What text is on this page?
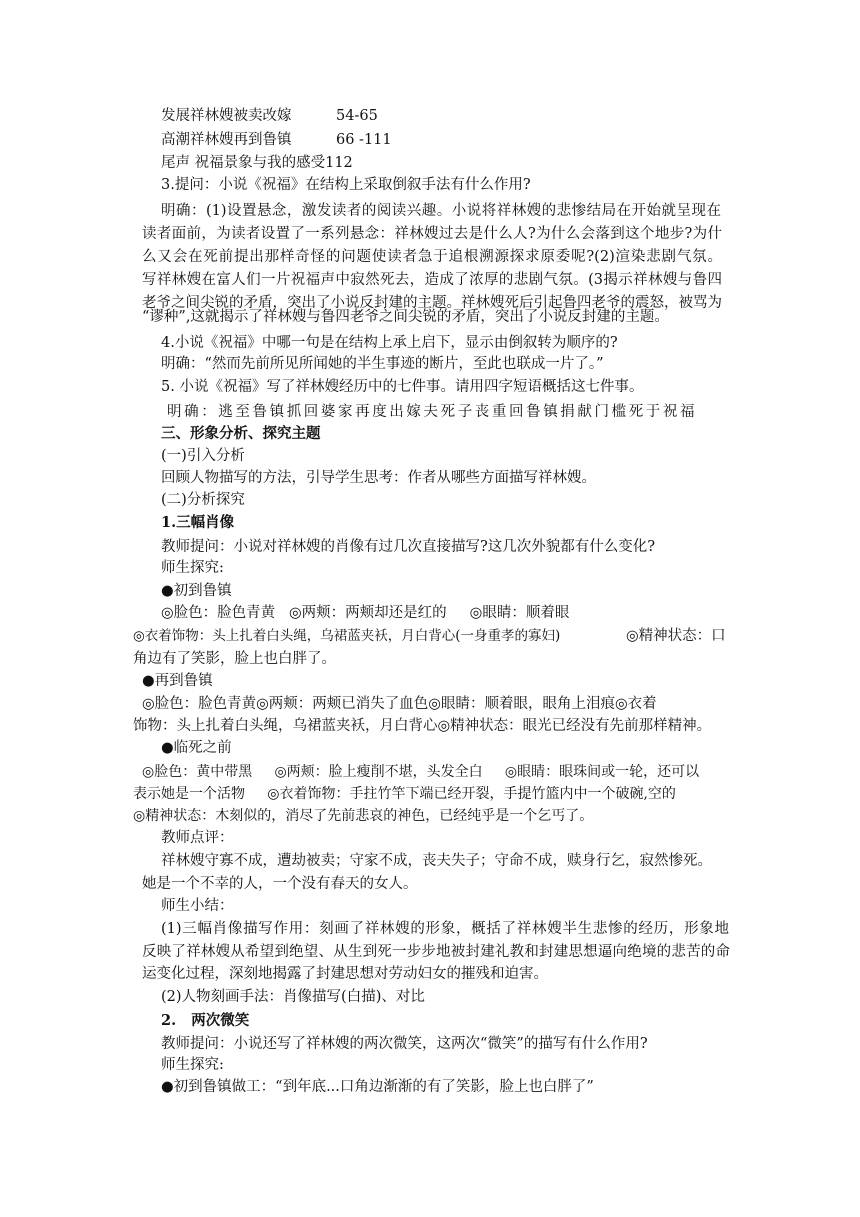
发展祥林嫂被卖改嫁	54-65
高潮祥林嫂再到鲁镇	66 -111
尾声 祝福景象与我的感受112
3.提问：小说《祝福》在结构上采取倒叙手法有什么作用?
明确：(1)设置悬念，激发读者的阅读兴趣。小说将祥林嫂的悲惨结局在开始就呈现在
读者面前，为读者设置了一系列悬念：祥林嫂过去是什么人?为什么会落到这个地步?为什
么又会在死前提出那样奇怪的问题使读者急于追根溯源探求原委呢?(2)渲染悲剧气氛。
写祥林嫂在富人们一片祝福声中寂然死去，造成了浓厚的悲剧气氛。(3揭示祥林嫂与鲁四
老爷之间尖锐的矛盾，突出了小说反封建的主题。祥林嫂死后引起鲁四老爷的震怒，被骂为
“谬种”,这就揭示了祥林嫂与鲁四老爷之间尖锐的矛盾，突出了小说反封建的主题。
4.小说《祝福》中哪一句是在结构上承上启下，显示由倒叙转为顺序的?
明确：“然而先前所见所闻她的半生事迹的断片，至此也联成一片了。”
5. 小说《祝福》写了祥林嫂经历中的七件事。请用四字短语概括这七件事。
明确：逃至鲁镇抓回婆家再度出嫁夫死子丧重回鲁镇捐献门槛死于祝福
三、形象分析、探究主题
(一)引入分析
回顾人物描写的方法，引导学生思考：作者从哪些方面描写祥林嫂。
(二)分析探究
1.三幅肖像
教师提问：小说对祥林嫂的肖像有过几次直接描写?这几次外貌都有什么变化?
师生探究:
●初到鲁镇
◎脸色：脸色青黄   ◎两颊：两颊却还是红的     ◎眼睛：顺着眼
◎衣着饰物：头上扎着白头绳，乌裙蓝夹袄，月白背心(一身重孝的寡妇)	◎精神状态：口
角边有了笑影，脸上也白胖了。
●再到鲁镇
◎脸色：脸色青黄◎两颊：两颊已消失了血色◎眼睛：顺着眼，眼角上泪痕◎衣着
饰物：头上扎着白头绳，乌裙蓝夹袄，月白背心◎精神状态：眼光已经没有先前那样精神。
●临死之前
◎脸色：黄中带黑     ◎两颊：脸上瘦削不堪，头发全白     ◎眼睛：眼珠间或一轮，还可以
表示她是一个活物     ◎衣着饰物：手拄竹竿下端已经开裂，手提竹篮内中一个破碗,空的
◎精神状态：木刻似的，消尽了先前悲哀的神色，已经纯乎是一个乞丐了。
教师点评：
祥林嫂守寡不成，遭劫被卖；守家不成，丧夫失子；守命不成，赎身行乞，寂然惨死。
她是一个不幸的人，一个没有春天的女人。
师生小结：
(1)三幅肖像描写作用：刻画了祥林嫂的形象，概括了祥林嫂半生悲惨的经历，形象地
反映了祥林嫂从希望到绝望、从生到死一步步地被封建礼教和封建思想逼向绝境的悲苦的命
运变化过程，深刻地揭露了封建思想对劳动妇女的摧残和迫害。
(2)人物刻画手法：肖像描写(白描)、对比
2.   两次微笑
教师提问：小说还写了祥林嫂的两次微笑，这两次“微笑”的描写有什么作用?
师生探究:
●初到鲁镇做工：“到年底...口角边渐渐的有了笑影，脸上也白胖了”
